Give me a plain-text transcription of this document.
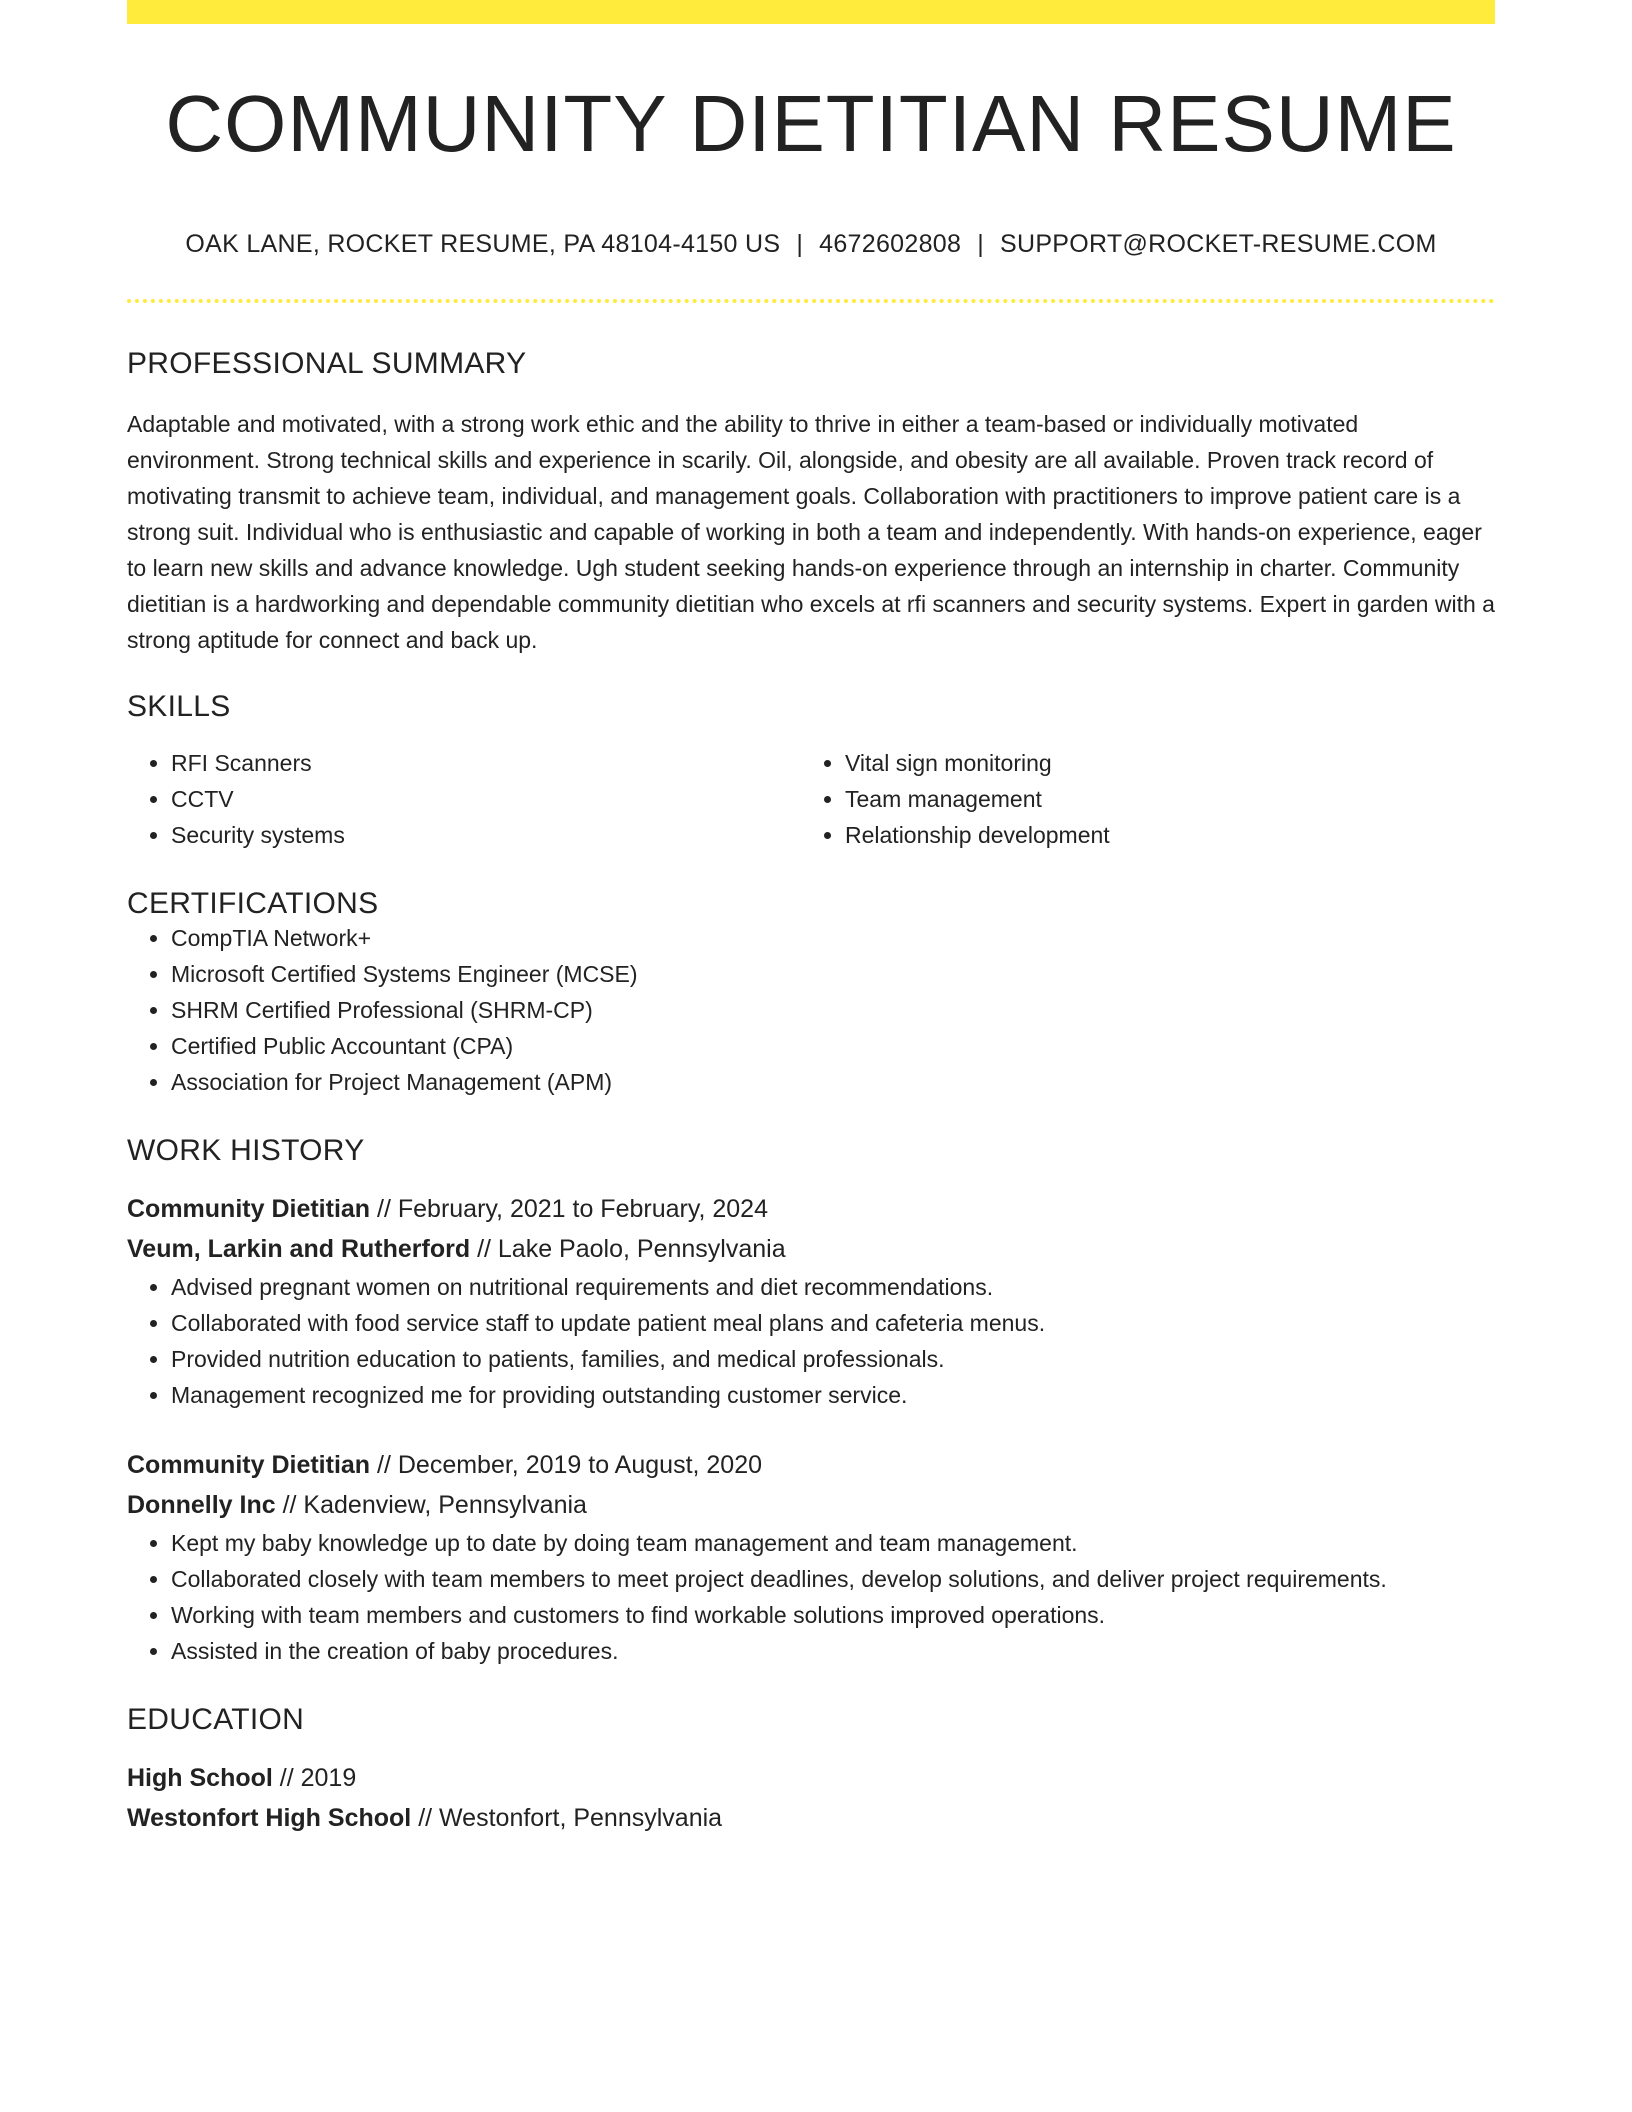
COMMUNITY DIETITIAN RESUME
OAK LANE, ROCKET RESUME, PA 48104-4150 US | 4672602808 | SUPPORT@ROCKET-RESUME.COM
PROFESSIONAL SUMMARY
Adaptable and motivated, with a strong work ethic and the ability to thrive in either a team-based or individually motivated environment. Strong technical skills and experience in scarily. Oil, alongside, and obesity are all available. Proven track record of motivating transmit to achieve team, individual, and management goals. Collaboration with practitioners to improve patient care is a strong suit. Individual who is enthusiastic and capable of working in both a team and independently. With hands-on experience, eager to learn new skills and advance knowledge. Ugh student seeking hands-on experience through an internship in charter. Community dietitian is a hardworking and dependable community dietitian who excels at rfi scanners and security systems. Expert in garden with a strong aptitude for connect and back up.
SKILLS
• RFI Scanners
• CCTV
• Security systems
• Vital sign monitoring
• Team management
• Relationship development
CERTIFICATIONS
• CompTIA Network+
• Microsoft Certified Systems Engineer (MCSE)
• SHRM Certified Professional (SHRM-CP)
• Certified Public Accountant (CPA)
• Association for Project Management (APM)
WORK HISTORY
Community Dietitian // February, 2021 to February, 2024
Veum, Larkin and Rutherford // Lake Paolo, Pennsylvania
• Advised pregnant women on nutritional requirements and diet recommendations.
• Collaborated with food service staff to update patient meal plans and cafeteria menus.
• Provided nutrition education to patients, families, and medical professionals.
• Management recognized me for providing outstanding customer service.
Community Dietitian // December, 2019 to August, 2020
Donnelly Inc // Kadenview, Pennsylvania
• Kept my baby knowledge up to date by doing team management and team management.
• Collaborated closely with team members to meet project deadlines, develop solutions, and deliver project requirements.
• Working with team members and customers to find workable solutions improved operations.
• Assisted in the creation of baby procedures.
EDUCATION
High School // 2019
Westonfort High School // Westonfort, Pennsylvania
